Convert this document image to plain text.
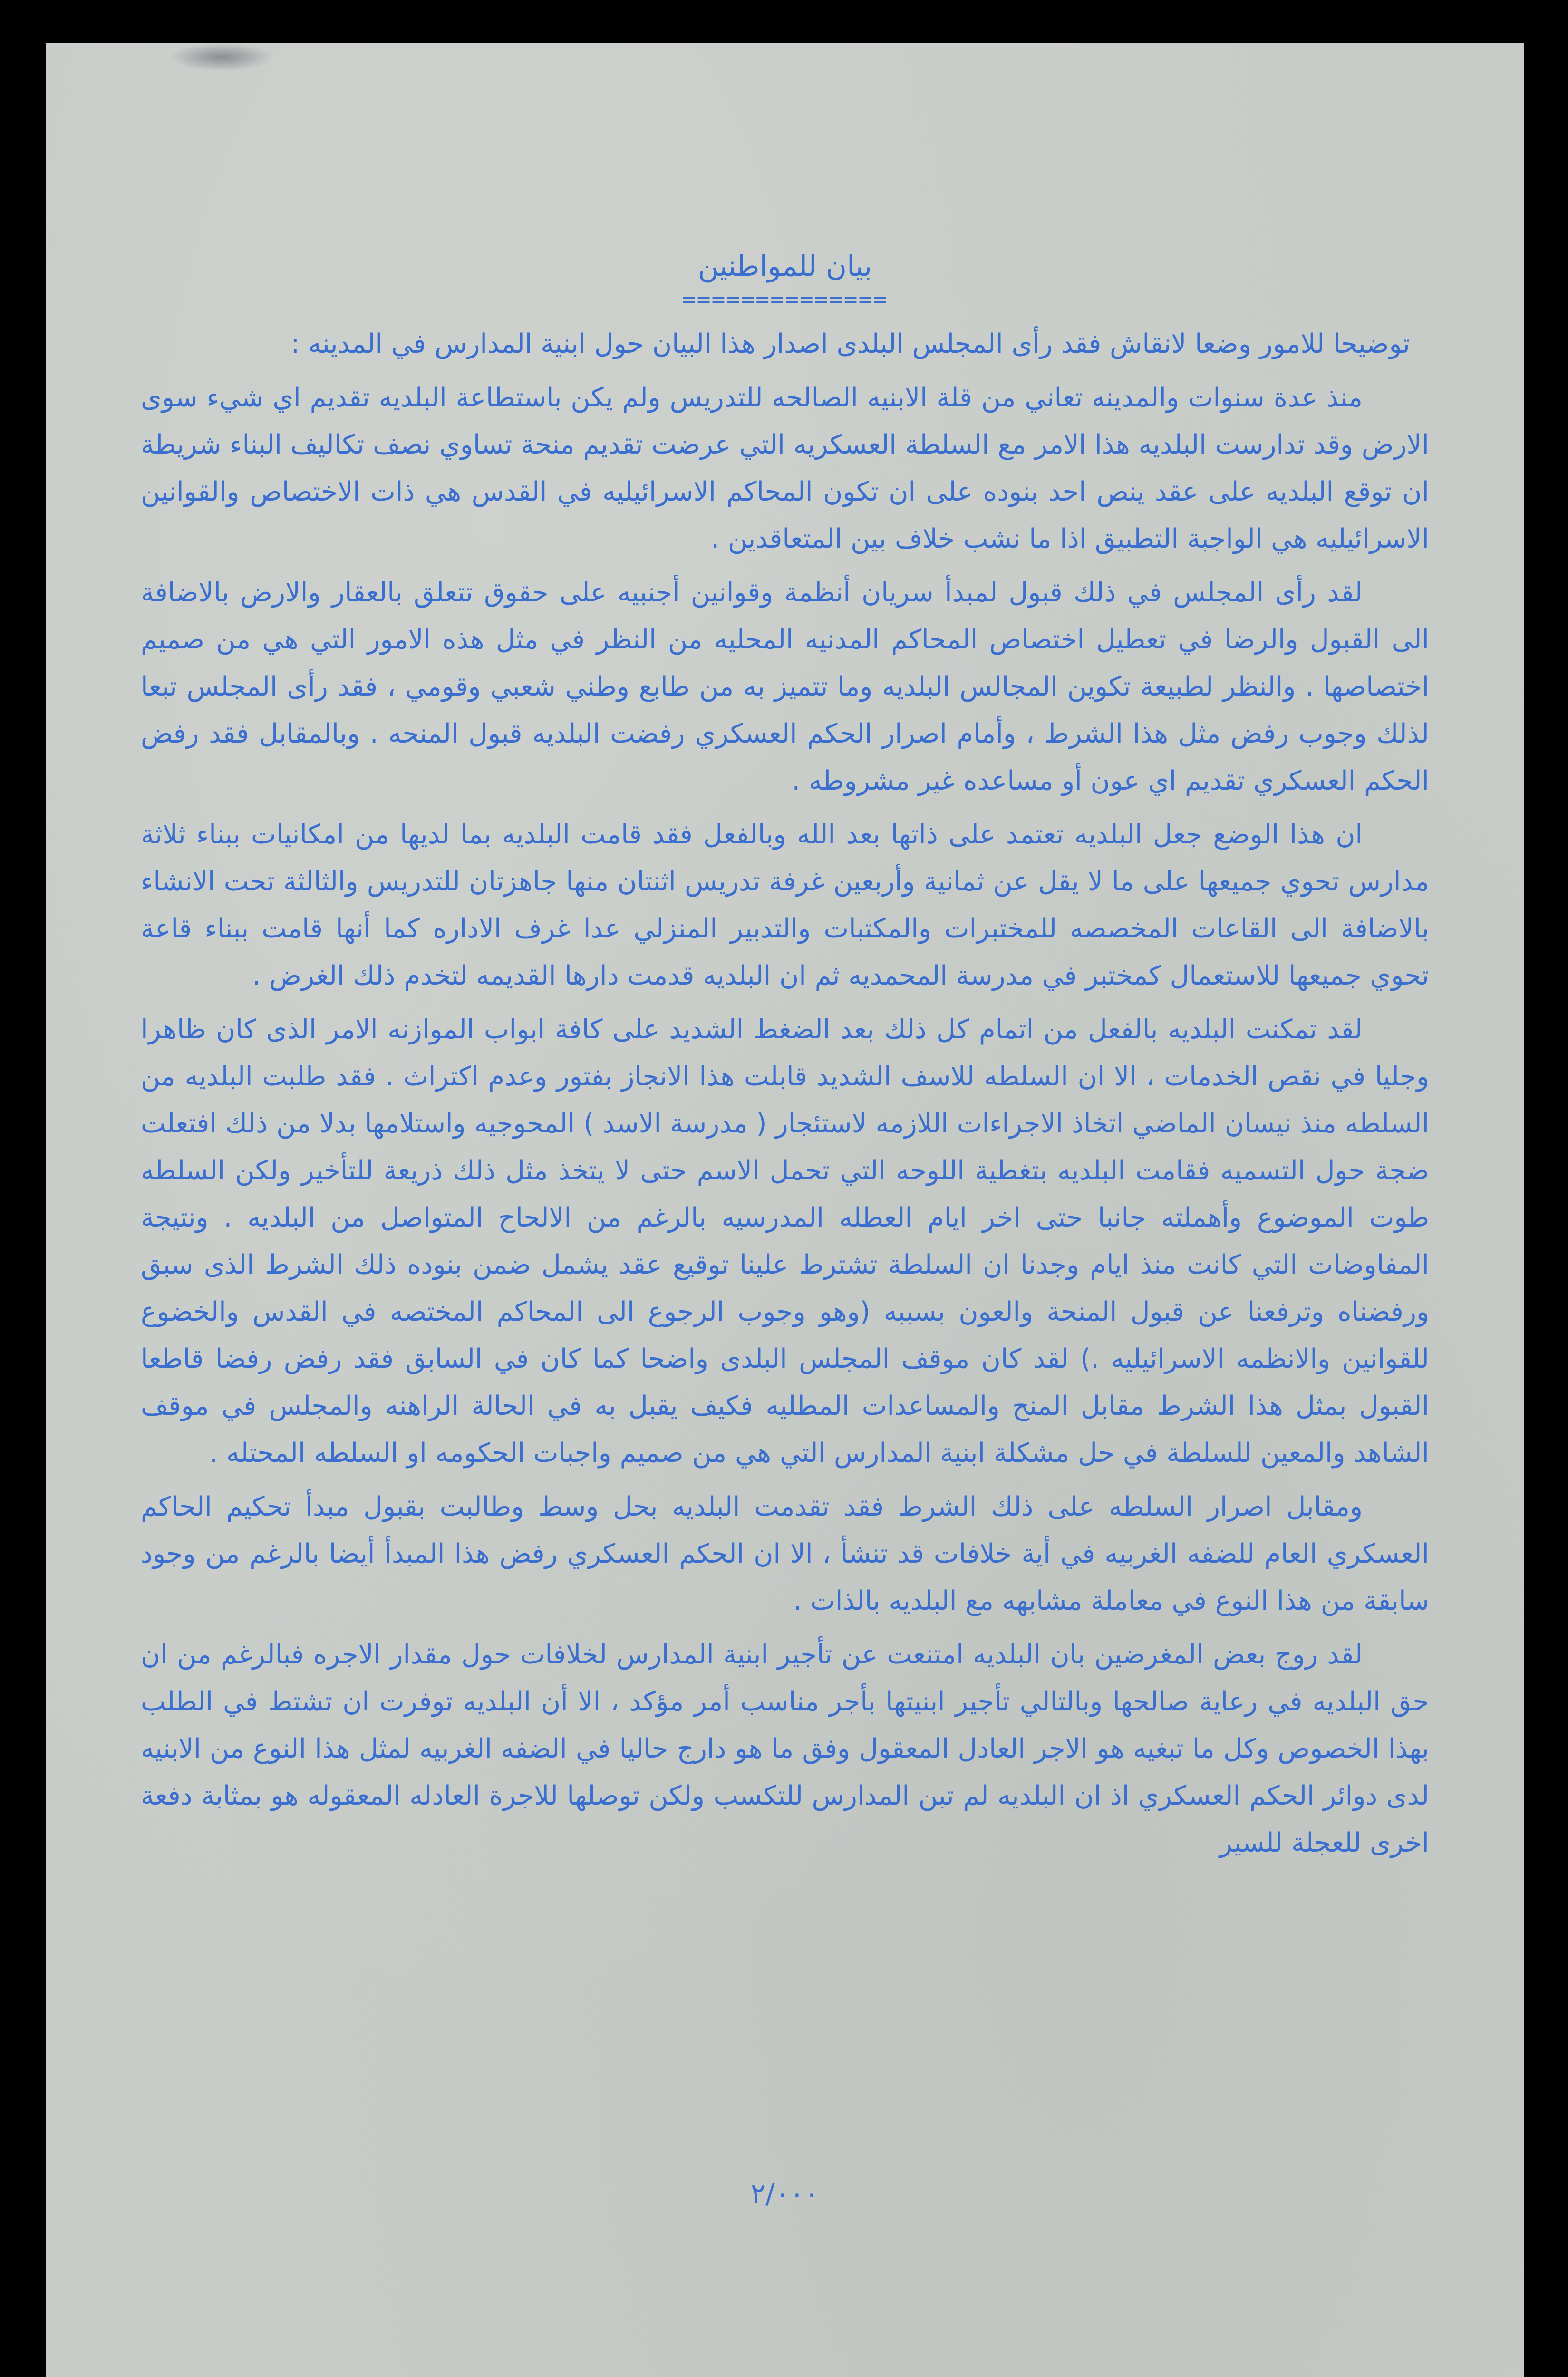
بيان للمواطنين

==============

توضيحا للامور وضعا لانقاش فقد رأى المجلس البلدى اصدار هذا البيان حول ابنية المدارس في المدينه :

منذ عدة سنوات والمدينه تعاني من قلة الابنيه الصالحه للتدريس ولم يكن باستطاعة البلديه تقديم اي شيء سوى الارض وقد تدارست البلديه هذا الامر مع السلطة العسكريه التي عرضت تقديم منحة تساوي نصف تكاليف البناء شريطة ان توقع البلديه على عقد ينص احد بنوده على ان تكون المحاكم الاسرائيليه في القدس هي ذات الاختصاص والقوانين الاسرائيليه هي الواجبة التطبيق اذا ما نشب خلاف بين المتعاقدين .

لقد رأى المجلس في ذلك قبول لمبدأ سريان أنظمة وقوانين أجنبيه على حقوق تتعلق بالعقار والارض بالاضافة الى القبول والرضا في تعطيل اختصاص المحاكم المدنيه المحليه من النظر في مثل هذه الامور التي هي من صميم اختصاصها . والنظر لطبيعة تكوين المجالس البلديه وما تتميز به من طابع وطني شعبي وقومي ، فقد رأى المجلس تبعا لذلك وجوب رفض مثل هذا الشرط ، وأمام اصرار الحكم العسكري رفضت البلديه قبول المنحه . وبالمقابل فقد رفض الحكم العسكري تقديم اي عون أو مساعده غير مشروطه .

ان هذا الوضع جعل البلديه تعتمد على ذاتها بعد الله وبالفعل فقد قامت البلديه بما لديها من امكانيات ببناء ثلاثة مدارس تحوي جميعها على ما لا يقل عن ثمانية وأربعين غرفة تدريس اثنتان منها جاهزتان للتدريس والثالثة تحت الانشاء بالاضافة الى القاعات المخصصه للمختبرات والمكتبات والتدبير المنزلي عدا غرف الاداره كما أنها قامت ببناء قاعة تحوي جميعها للاستعمال كمختبر في مدرسة المحمديه ثم ان البلديه قدمت دارها القديمه لتخدم ذلك الغرض .

لقد تمكنت البلديه بالفعل من اتمام كل ذلك بعد الضغط الشديد على كافة ابواب الموازنه الامر الذى كان ظاهرا وجليا في نقص الخدمات ، الا ان السلطه للاسف الشديد قابلت هذا الانجاز بفتور وعدم اكتراث . فقد طلبت البلديه من السلطه منذ نيسان الماضي اتخاذ الاجراءات اللازمه لاستئجار ( مدرسة الاسد ) المحوجيه واستلامها بدلا من ذلك افتعلت ضجة حول التسميه فقامت البلديه بتغطية اللوحه التي تحمل الاسم حتى لا يتخذ مثل ذلك ذريعة للتأخير ولكن السلطه طوت الموضوع وأهملته جانبا حتى اخر ايام العطله المدرسيه بالرغم من الالحاح المتواصل من البلديه . ونتيجة المفاوضات التي كانت منذ ايام وجدنا ان السلطة تشترط علينا توقيع عقد يشمل ضمن بنوده ذلك الشرط الذى سبق ورفضناه وترفعنا عن قبول المنحة والعون بسببه (وهو وجوب الرجوع الى المحاكم المختصه في القدس والخضوع للقوانين والانظمه الاسرائيليه .) لقد كان موقف المجلس البلدى واضحا كما كان في السابق فقد رفض رفضا قاطعا القبول بمثل هذا الشرط مقابل المنح والمساعدات المطليه فكيف يقبل به في الحالة الراهنه والمجلس في موقف الشاهد والمعين للسلطة في حل مشكلة ابنية المدارس التي هي من صميم واجبات الحكومه او السلطه المحتله .

ومقابل اصرار السلطه على ذلك الشرط فقد تقدمت البلديه بحل وسط وطالبت بقبول مبدأ تحكيم الحاكم العسكري العام للضفه الغربيه في أية خلافات قد تنشأ ، الا ان الحكم العسكري رفض هذا المبدأ أيضا بالرغم من وجود سابقة من هذا النوع في معاملة مشابهه مع البلديه بالذات .

لقد روج بعض المغرضين بان البلديه امتنعت عن تأجير ابنية المدارس لخلافات حول مقدار الاجره فبالرغم من ان حق البلديه في رعاية صالحها وبالتالي تأجير ابنيتها بأجر مناسب أمر مؤكد ، الا أن البلديه توفرت ان تشتط في الطلب بهذا الخصوص وكل ما تبغيه هو الاجر العادل المعقول وفق ما هو دارج حاليا في الضفه الغربيه لمثل هذا النوع من الابنيه لدى دوائر الحكم العسكري اذ ان البلديه لم تبن المدارس للتكسب ولكن توصلها للاجرة العادله المعقوله هو بمثابة دفعة اخرى للعجلة للسير

٢/٠٠٠
